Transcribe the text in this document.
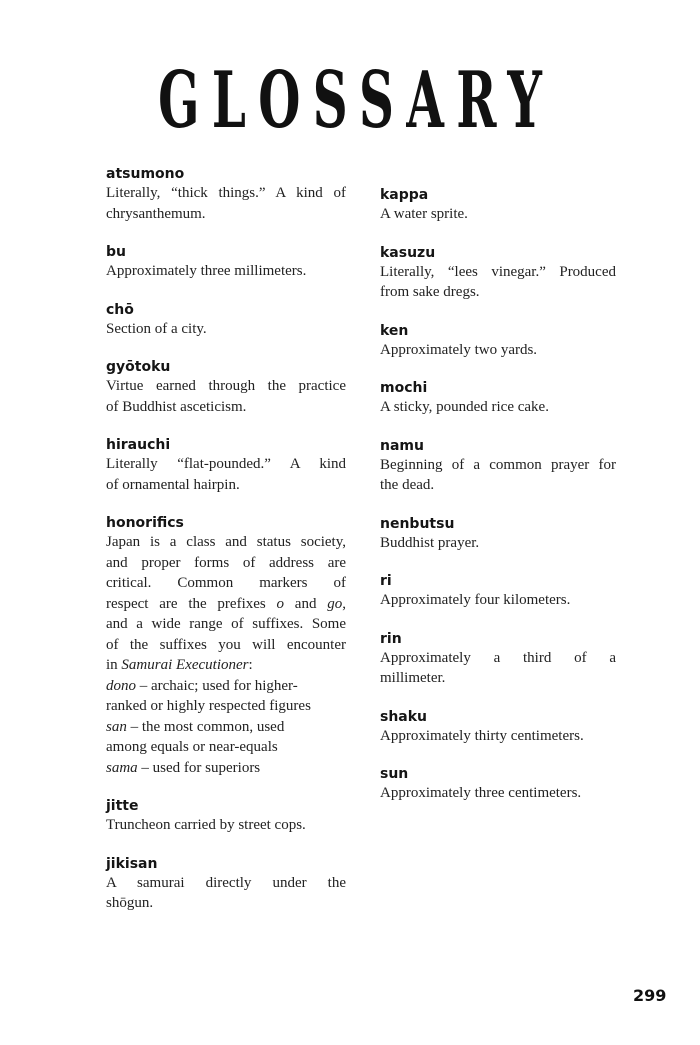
GLOSSARY
atsumono
Literally, “thick things.” A kind of
chrysanthemum.
bu
Approximately three millimeters.
chō
Section of a city.
gyōtoku
Virtue earned through the practice
of Buddhist asceticism.
hirauchi
Literally “flat-pounded.” A kind
of ornamental hairpin.
honorifics
Japan is a class and status society,
and proper forms of address are
critical. Common markers of
respect are the prefixes o and go,
and a wide range of suffixes. Some
of the suffixes you will encounter
in Samurai Executioner:
dono – archaic; used for higher-
ranked or highly respected figures
san – the most common, used
among equals or near-equals
sama – used for superiors
jitte
Truncheon carried by street cops.
jikisan
A samurai directly under the
shōgun.
kappa
A water sprite.
kasuzu
Literally, “lees vinegar.” Produced
from sake dregs.
ken
Approximately two yards.
mochi
A sticky, pounded rice cake.
namu
Beginning of a common prayer for
the dead.
nenbutsu
Buddhist prayer.
ri
Approximately four kilometers.
rin
Approximately a third of a
millimeter.
shaku
Approximately thirty centimeters.
sun
Approximately three centimeters.
299
